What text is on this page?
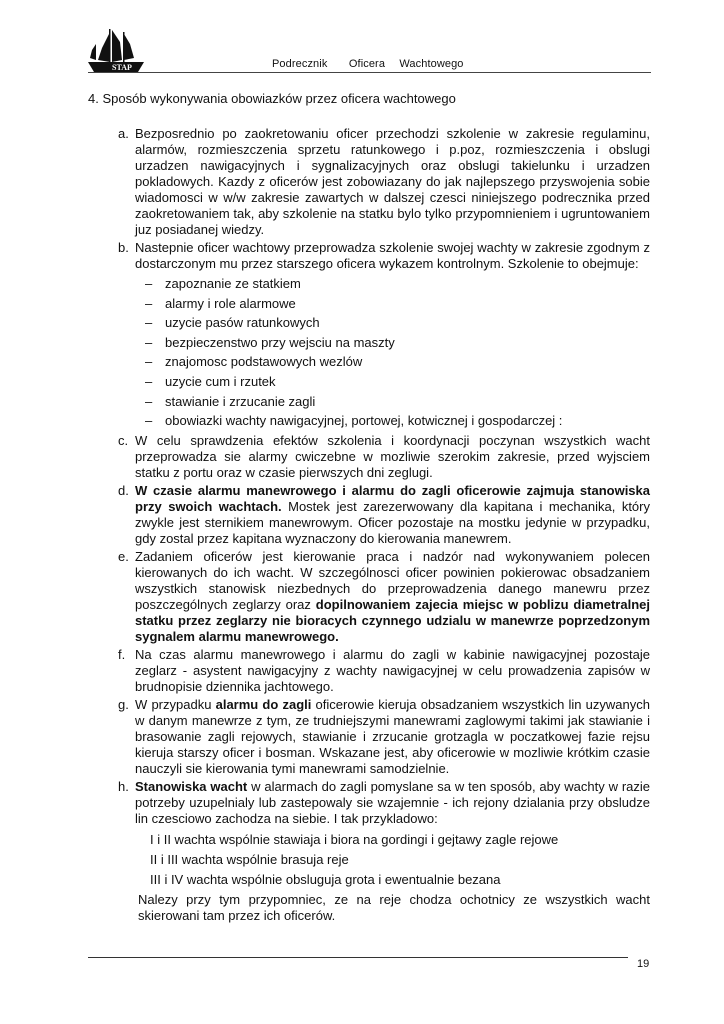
STAP	Podrecznik   Oficera  Wachtowego
4. Sposób wykonywania obowiazków przez oficera wachtowego
a. Bezposrednio po zaokretowaniu oficer przechodzi szkolenie w zakresie regulaminu, alarmów, rozmieszczenia sprzetu ratunkowego i p.poz, rozmieszczenia i obslugi urzadzen nawigacyjnych i sygnalizacyjnych oraz obslugi takielunku i urzadzen pokladowych. Kazdy z oficerów jest zobowiazany do jak najlepszego przyswojenia sobie wiadomosci w w/w zakresie zawartych w dalszej czesci niniejszego podrecznika przed zaokretowaniem tak, aby szkolenie na statku bylo tylko przypomnieniem i ugruntowaniem juz posiadanej wiedzy.
b. Nastepnie oficer wachtowy przeprowadza szkolenie swojej wachty w zakresie zgodnym z dostarczonym mu przez starszego oficera wykazem kontrolnym. Szkolenie to obejmuje:
– zapoznanie ze statkiem
– alarmy i role alarmowe
– uzycie pasów ratunkowych
– bezpieczenstwo przy wejsciu na maszty
– znajomosc podstawowych wezlów
– uzycie cum i rzutek
– stawianie i zrzucanie zagli
– obowiazki wachty nawigacyjnej, portowej, kotwicznej i gospodarczej :
c. W celu sprawdzenia efektów szkolenia i koordynacji poczynan wszystkich wacht przeprowadza sie alarmy cwiczebne w mozliwie szerokim zakresie, przed wyjsciem statku z portu oraz w czasie pierwszych dni zeglugi.
d. W czasie alarmu manewrowego i alarmu do zagli oficerowie zajmuja stanowiska przy swoich wachtach. Mostek jest zarezerwowany dla kapitana i mechanika, który zwykle jest sternikiem manewrowym. Oficer pozostaje na mostku jedynie w przypadku, gdy zostal przez kapitana wyznaczony do kierowania manewrem.
e. Zadaniem oficerów jest kierowanie praca i nadzór nad wykonywaniem polecen kierowanych do ich wacht. W szczególnosci oficer powinien pokierowac obsadzaniem wszystkich stanowisk niezbednych do przeprowadzenia danego manewru przez poszczególnych zeglarzy oraz dopilnowaniem zajecia miejsc w poblizu diametralnej statku przez zeglarzy nie bioracych czynnego udzialu w manewrze poprzedzonym sygnalem alarmu manewrowego.
f. Na czas alarmu manewrowego i alarmu do zagli w kabinie nawigacyjnej pozostaje zeglarz - asystent nawigacyjny z wachty nawigacyjnej w celu prowadzenia zapisów w brudnopisie dziennika jachtowego.
g. W przypadku alarmu do zagli oficerowie kieruja obsadzaniem wszystkich lin uzywanych w danym manewrze z tym, ze trudniejszymi manewrami zaglowymi takimi jak stawianie i brasowanie zagli rejowych, stawianie i zrzucanie grotzagla w poczatkowej fazie rejsu kieruja starszy oficer i bosman. Wskazane jest, aby oficerowie w mozliwie krótkim czasie nauczyli sie kierowania tymi manewrami samodzielnie.
h. Stanowiska wacht w alarmach do zagli pomyslane sa w ten sposób, aby wachty w razie potrzeby uzupelnialy lub zastepowaly sie wzajemnie - ich rejony dzialania przy obsludze lin czesciowo zachodza na siebie. I tak przykladowo:
I i II wachta wspólnie stawiaja i biora na gordingi i gejtawy zagle rejowe
II i III wachta wspólnie brasuja reje
III i IV wachta wspólnie obsluguja grota i ewentualnie bezana
Nalezy przy tym przypomniec, ze na reje chodza ochotnicy ze wszystkich wacht skierowani tam przez ich oficerów.
19
